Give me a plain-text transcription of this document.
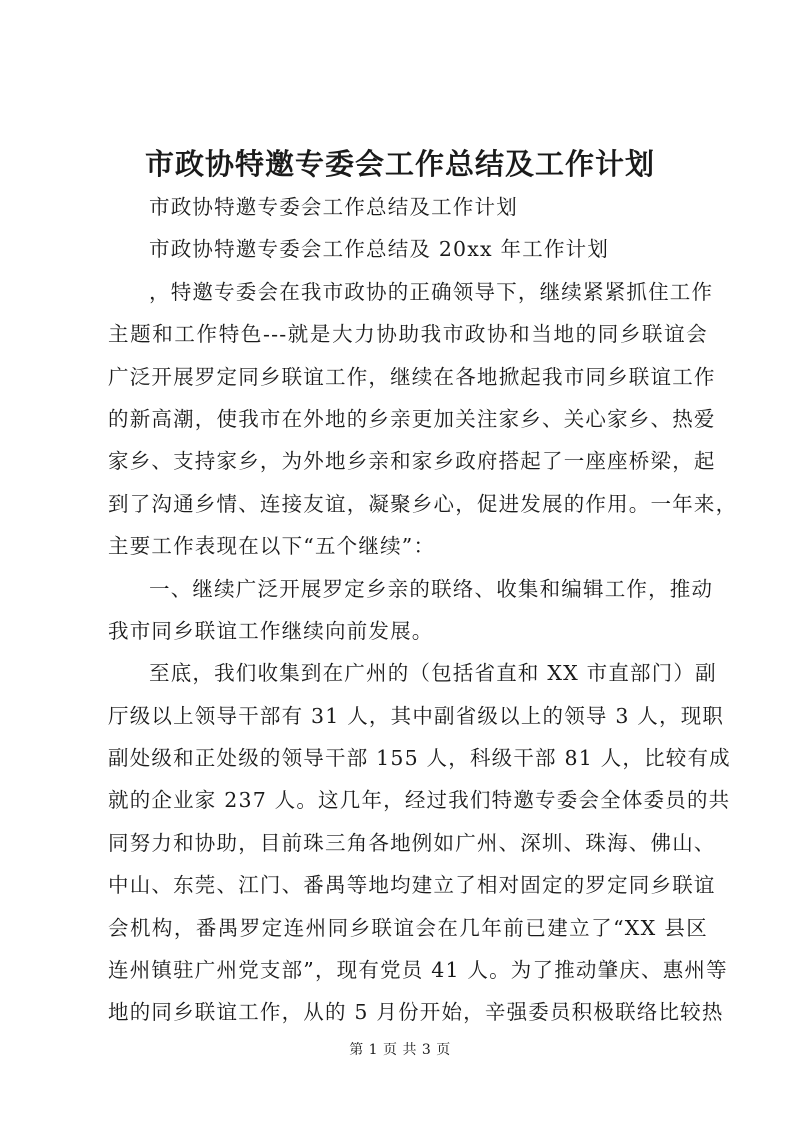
市政协特邀专委会工作总结及工作计划
市政协特邀专委会工作总结及工作计划
市政协特邀专委会工作总结及 20xx 年工作计划
，特邀专委会在我市政协的正确领导下，继续紧紧抓住工作
主题和工作特色---就是大力协助我市政协和当地的同乡联谊会
广泛开展罗定同乡联谊工作，继续在各地掀起我市同乡联谊工作
的新高潮，使我市在外地的乡亲更加关注家乡、关心家乡、热爱
家乡、支持家乡，为外地乡亲和家乡政府搭起了一座座桥梁，起
到了沟通乡情、连接友谊，凝聚乡心，促进发展的作用。一年来，
主要工作表现在以下“五个继续”：
一、继续广泛开展罗定乡亲的联络、收集和编辑工作，推动
我市同乡联谊工作继续向前发展。
至底，我们收集到在广州的（包括省直和 XX 市直部门）副
厅级以上领导干部有 31 人，其中副省级以上的领导 3 人，现职
副处级和正处级的领导干部 155 人，科级干部 81 人，比较有成
就的企业家 237 人。这几年，经过我们特邀专委会全体委员的共
同努力和协助，目前珠三角各地例如广州、深圳、珠海、佛山、
中山、东莞、江门、番禺等地均建立了相对固定的罗定同乡联谊
会机构，番禺罗定连州同乡联谊会在几年前已建立了“XX 县区
连州镇驻广州党支部”，现有党员 41 人。为了推动肇庆、惠州等
地的同乡联谊工作，从的 5 月份开始，辛强委员积极联络比较热
第 1 页 共 3 页
